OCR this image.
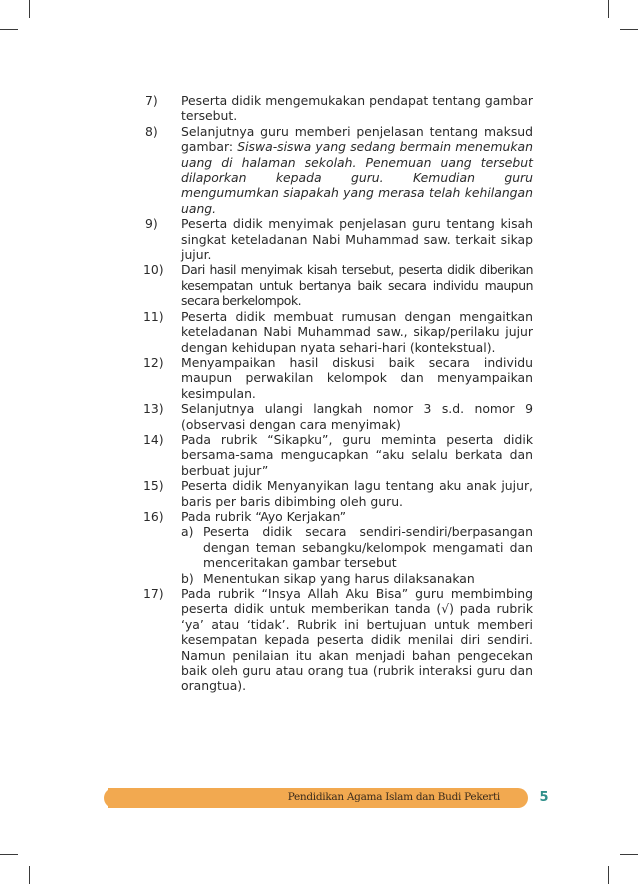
7) Peserta didik mengemukakan pendapat tentang gambar tersebut.
8) Selanjutnya guru memberi penjelasan tentang maksud gambar: Siswa-siswa yang sedang bermain menemukan uang di halaman sekolah. Penemuan uang tersebut dilaporkan kepada guru. Kemudian guru mengumumkan siapakah yang merasa telah kehilangan uang.
9) Peserta didik menyimak penjelasan guru tentang kisah singkat keteladanan Nabi Muhammad saw. terkait sikap jujur.
10) Dari hasil menyimak kisah tersebut, peserta didik diberikan kesempatan untuk bertanya baik secara individu maupun secara berkelompok.
11) Peserta didik membuat rumusan dengan mengaitkan keteladanan Nabi Muhammad saw., sikap/perilaku jujur dengan kehidupan nyata sehari-hari (kontekstual).
12) Menyampaikan hasil diskusi baik secara individu maupun perwakilan kelompok dan menyampaikan kesimpulan.
13) Selanjutnya ulangi langkah nomor 3 s.d. nomor 9 (observasi dengan cara menyimak)
14) Pada rubrik “Sikapku”, guru meminta peserta didik bersama-sama mengucapkan “aku selalu berkata dan berbuat jujur”
15) Peserta didik Menyanyikan lagu tentang aku anak jujur, baris per baris dibimbing oleh guru.
16) Pada rubrik “Ayo Kerjakan”
a) Peserta didik secara sendiri-sendiri/berpasangan dengan teman sebangku/kelompok mengamati dan menceritakan gambar tersebut
b) Menentukan sikap yang harus dilaksanakan
17) Pada rubrik “Insya Allah Aku Bisa” guru membimbing peserta didik untuk memberikan tanda (√) pada rubrik ‘ya’ atau ‘tidak’. Rubrik ini bertujuan untuk memberi kesempatan kepada peserta didik menilai diri sendiri. Namun penilaian itu akan menjadi bahan pengecekan baik oleh guru atau orang tua (rubrik interaksi guru dan orangtua).
Pendidikan Agama Islam dan Budi Pekerti	5
